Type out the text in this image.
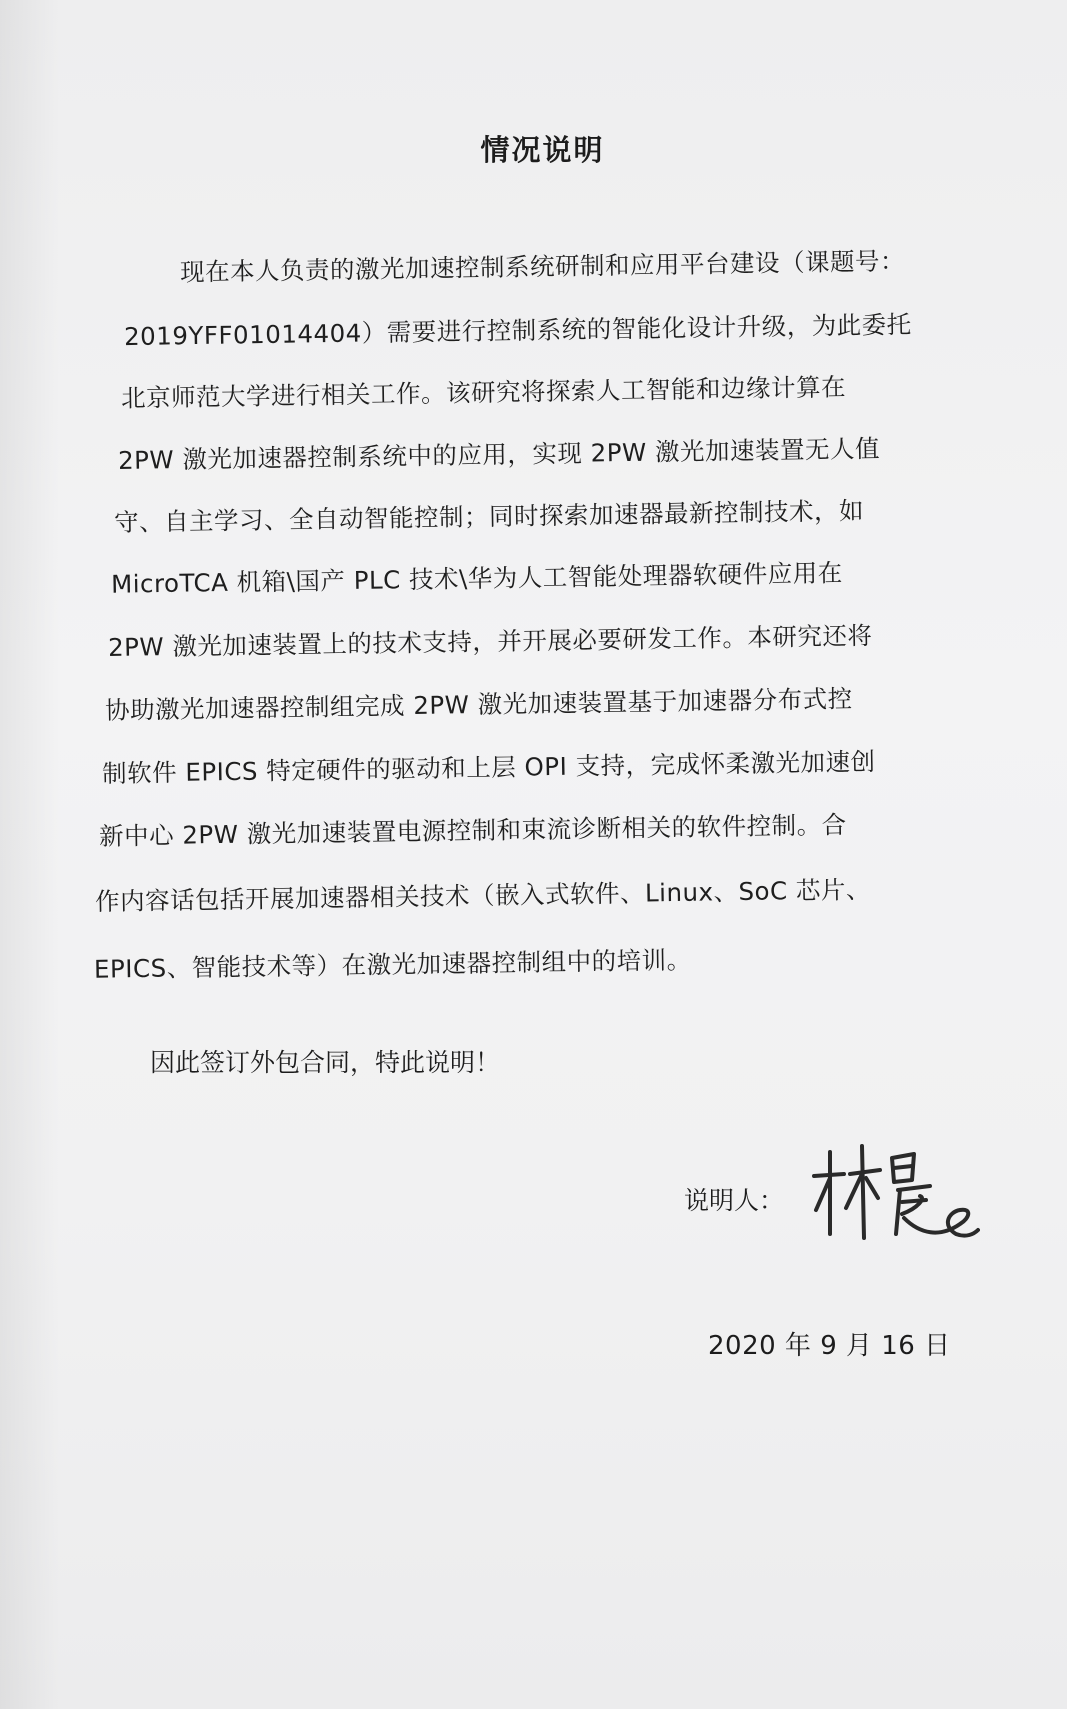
情况说明
现在本人负责的激光加速控制系统研制和应用平台建设（课题号：
2019YFF01014404）需要进行控制系统的智能化设计升级，为此委托
北京师范大学进行相关工作。该研究将探索人工智能和边缘计算在
2PW 激光加速器控制系统中的应用，实现 2PW 激光加速装置无人值
守、自主学习、全自动智能控制；同时探索加速器最新控制技术，如
MicroTCA 机箱\国产 PLC 技术\华为人工智能处理器软硬件应用在
2PW 激光加速装置上的技术支持，并开展必要研发工作。本研究还将
协助激光加速器控制组完成 2PW 激光加速装置基于加速器分布式控
制软件 EPICS 特定硬件的驱动和上层 OPI 支持，完成怀柔激光加速创
新中心 2PW 激光加速装置电源控制和束流诊断相关的软件控制。合
作内容话包括开展加速器相关技术（嵌入式软件、Linux、SoC 芯片、
EPICS、智能技术等）在激光加速器控制组中的培训。
因此签订外包合同，特此说明！
说明人：
2020 年 9 月 16 日
